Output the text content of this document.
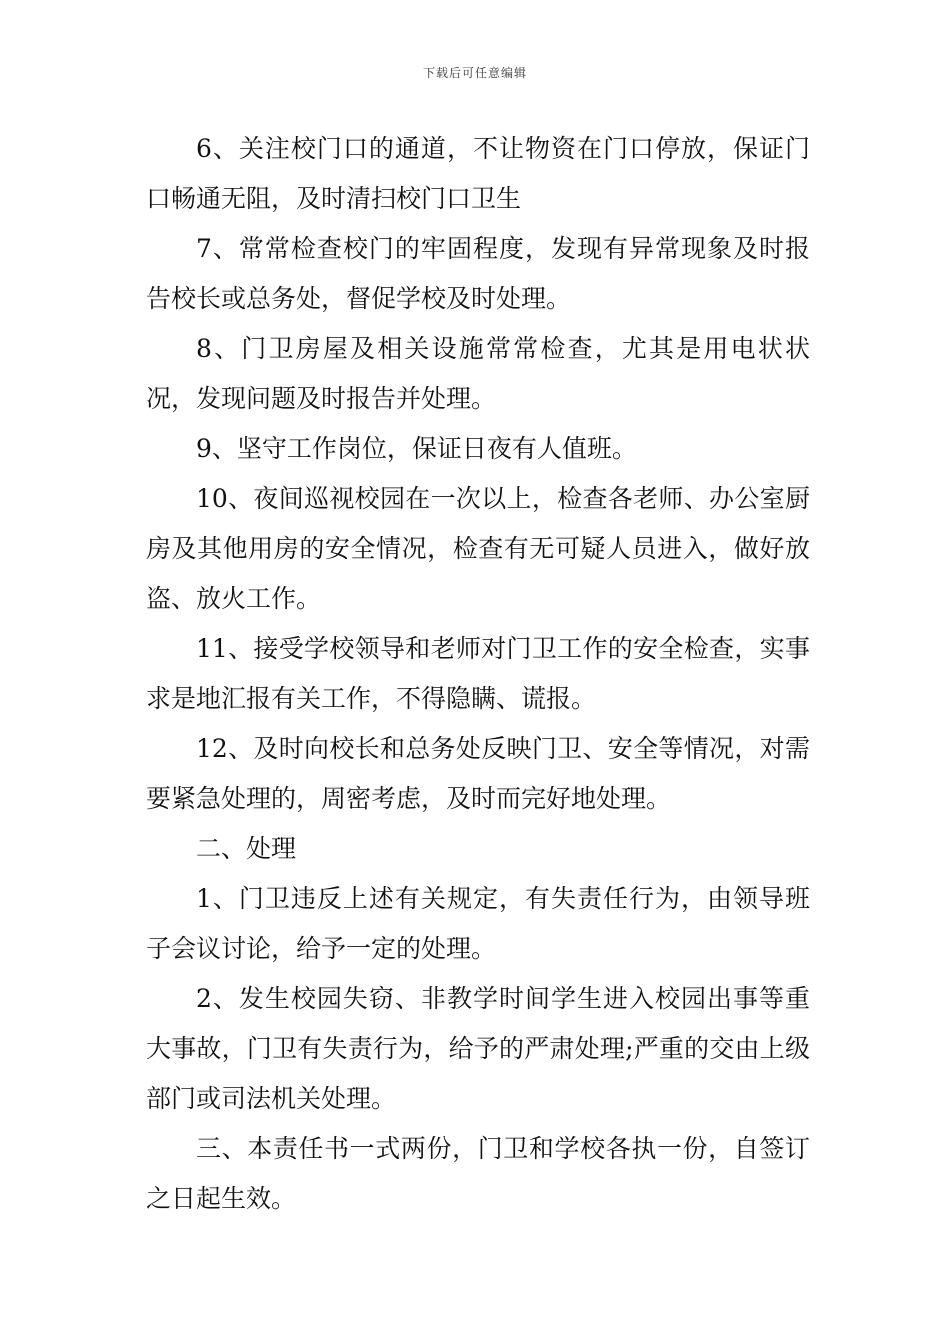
下载后可任意编辑

6、关注校门口的通道，不让物资在门口停放，保证门口畅通无阻，及时清扫校门口卫生

7、常常检查校门的牢固程度，发现有异常现象及时报告校长或总务处，督促学校及时处理。

8、门卫房屋及相关设施常常检查，尤其是用电状状况，发现问题及时报告并处理。

9、坚守工作岗位，保证日夜有人值班。

10、夜间巡视校园在一次以上，检查各老师、办公室厨房及其他用房的安全情况，检查有无可疑人员进入，做好放盗、放火工作。

11、接受学校领导和老师对门卫工作的安全检查，实事求是地汇报有关工作，不得隐瞒、谎报。

12、及时向校长和总务处反映门卫、安全等情况，对需要紧急处理的，周密考虑，及时而完好地处理。

二、处理

1、门卫违反上述有关规定，有失责任行为，由领导班子会议讨论，给予一定的处理。

2、发生校园失窃、非教学时间学生进入校园出事等重大事故，门卫有失责行为，给予的严肃处理;严重的交由上级部门或司法机关处理。

三、本责任书一式两份，门卫和学校各执一份，自签订之日起生效。
